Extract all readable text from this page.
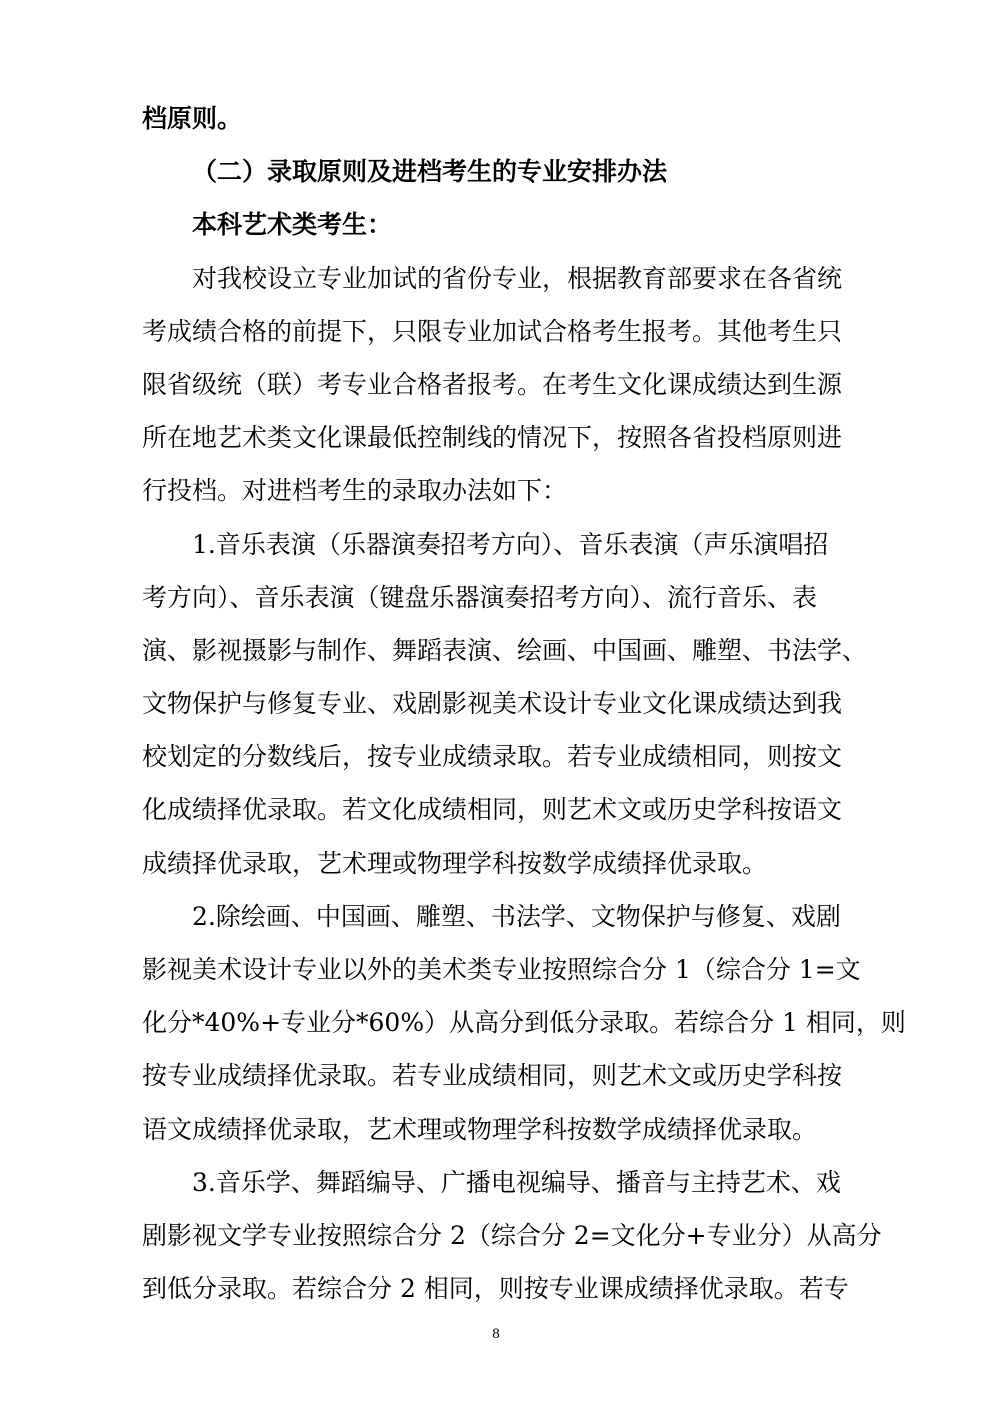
档原则。
（二）录取原则及进档考生的专业安排办法
本科艺术类考生：
对我校设立专业加试的省份专业，根据教育部要求在各省统
考成绩合格的前提下，只限专业加试合格考生报考。其他考生只
限省级统（联）考专业合格者报考。在考生文化课成绩达到生源
所在地艺术类文化课最低控制线的情况下，按照各省投档原则进
行投档。对进档考生的录取办法如下：
1.音乐表演（乐器演奏招考方向）、音乐表演（声乐演唱招
考方向）、音乐表演（键盘乐器演奏招考方向）、流行音乐、表
演、影视摄影与制作、舞蹈表演、绘画、中国画、雕塑、书法学、
文物保护与修复专业、戏剧影视美术设计专业文化课成绩达到我
校划定的分数线后，按专业成绩录取。若专业成绩相同，则按文
化成绩择优录取。若文化成绩相同，则艺术文或历史学科按语文
成绩择优录取，艺术理或物理学科按数学成绩择优录取。
2.除绘画、中国画、雕塑、书法学、文物保护与修复、戏剧
影视美术设计专业以外的美术类专业按照综合分 1（综合分 1=文
化分*40%+专业分*60%）从高分到低分录取。若综合分 1 相同，则
按专业成绩择优录取。若专业成绩相同，则艺术文或历史学科按
语文成绩择优录取，艺术理或物理学科按数学成绩择优录取。
3.音乐学、舞蹈编导、广播电视编导、播音与主持艺术、戏
剧影视文学专业按照综合分 2（综合分 2=文化分+专业分）从高分
到低分录取。若综合分 2 相同，则按专业课成绩择优录取。若专
8
